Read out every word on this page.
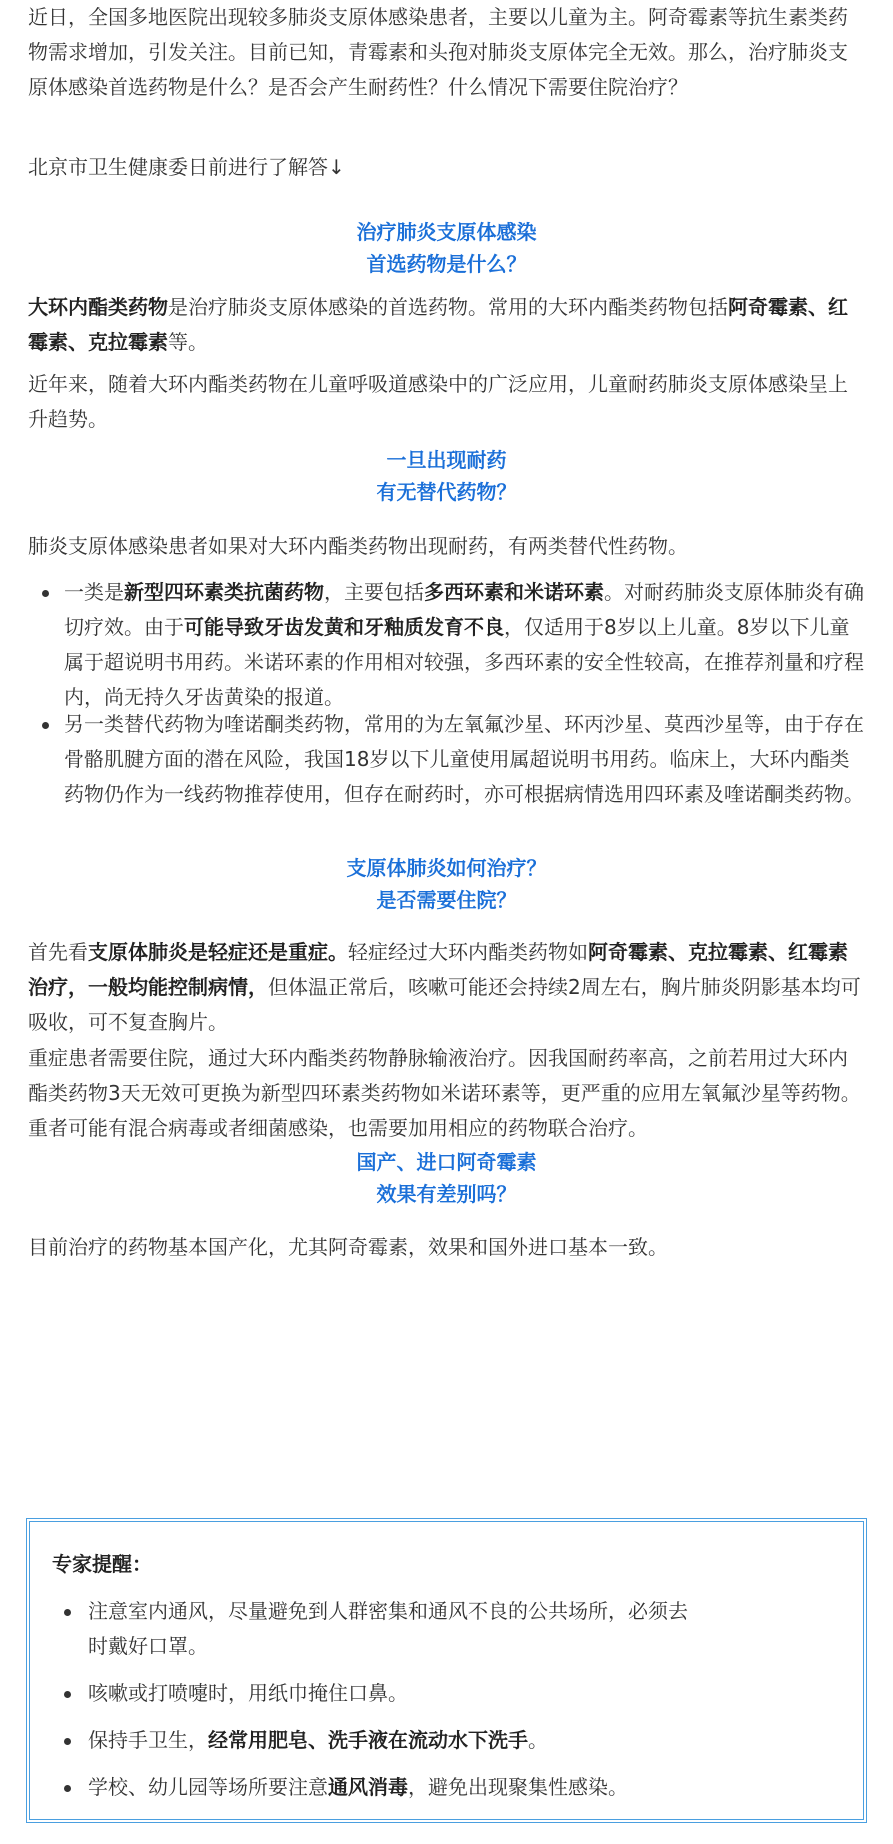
近日，全国多地医院出现较多肺炎支原体感染患者，主要以儿童为主。阿奇霉素等抗生素类药物需求增加，引发关注。目前已知，青霉素和头孢对肺炎支原体完全无效。那么，治疗肺炎支原体感染首选药物是什么？是否会产生耐药性？什么情况下需要住院治疗？

北京市卫生健康委日前进行了解答↓

治疗肺炎支原体感染
首选药物是什么？

大环内酯类药物是治疗肺炎支原体感染的首选药物。常用的大环内酯类药物包括阿奇霉素、红霉素、克拉霉素等。

近年来，随着大环内酯类药物在儿童呼吸道感染中的广泛应用，儿童耐药肺炎支原体感染呈上升趋势。

一旦出现耐药
有无替代药物？

肺炎支原体感染患者如果对大环内酯类药物出现耐药，有两类替代性药物。

一类是新型四环素类抗菌药物，主要包括多西环素和米诺环素。对耐药肺炎支原体肺炎有确切疗效。由于可能导致牙齿发黄和牙釉质发育不良，仅适用于8岁以上儿童。8岁以下儿童属于超说明书用药。米诺环素的作用相对较强，多西环素的安全性较高，在推荐剂量和疗程内，尚无持久牙齿黄染的报道。
另一类替代药物为喹诺酮类药物，常用的为左氧氟沙星、环丙沙星、莫西沙星等，由于存在骨骼肌腱方面的潜在风险，我国18岁以下儿童使用属超说明书用药。临床上，大环内酯类药物仍作为一线药物推荐使用，但存在耐药时，亦可根据病情选用四环素及喹诺酮类药物。
支原体肺炎如何治疗？
是否需要住院？

首先看支原体肺炎是轻症还是重症。轻症经过大环内酯类药物如阿奇霉素、克拉霉素、红霉素治疗，一般均能控制病情，但体温正常后，咳嗽可能还会持续2周左右，胸片肺炎阴影基本均可吸收，可不复查胸片。

重症患者需要住院，通过大环内酯类药物静脉输液治疗。因我国耐药率高，之前若用过大环内酯类药物3天无效可更换为新型四环素类药物如米诺环素等，更严重的应用左氧氟沙星等药物。重者可能有混合病毒或者细菌感染，也需要加用相应的药物联合治疗。

国产、进口阿奇霉素
效果有差别吗？

目前治疗的药物基本国产化，尤其阿奇霉素，效果和国外进口基本一致。

专家提醒：
注意室内通风，尽量避免到人群密集和通风不良的公共场所，必须去时戴好口罩。
咳嗽或打喷嚏时，用纸巾掩住口鼻。
保持手卫生，经常用肥皂、洗手液在流动水下洗手。
学校、幼儿园等场所要注意通风消毒，避免出现聚集性感染。
